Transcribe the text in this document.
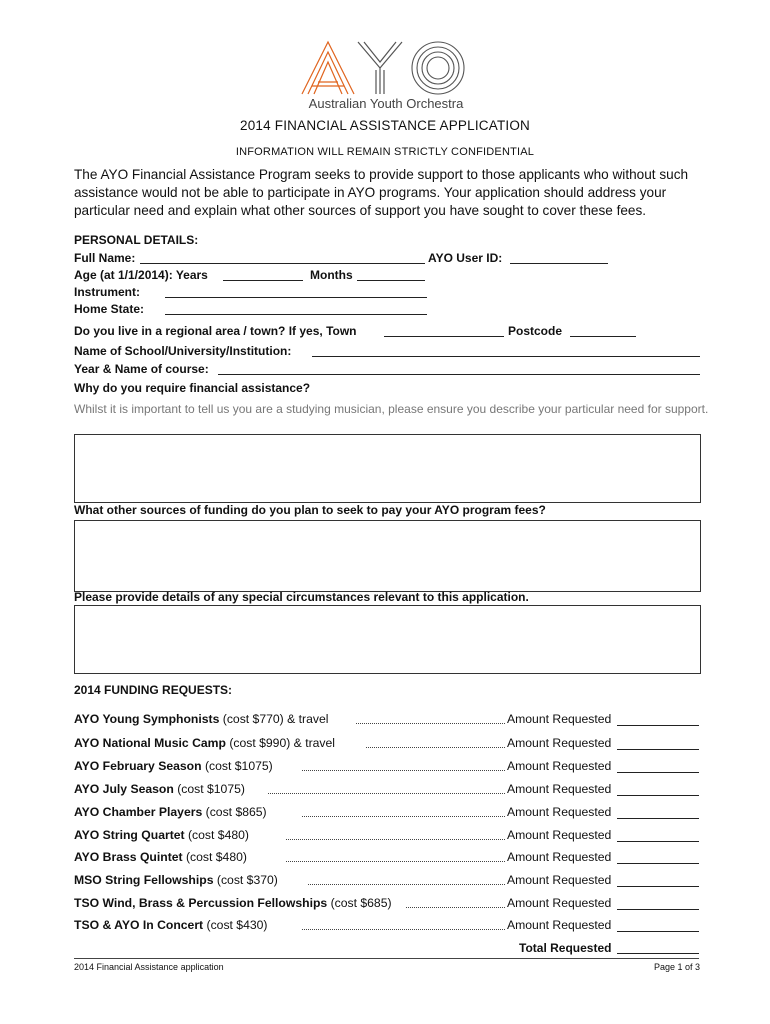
Australian Youth Orchestra
2014 FINANCIAL ASSISTANCE APPLICATION
INFORMATION WILL REMAIN STRICTLY CONFIDENTIAL
The AYO Financial Assistance Program seeks to provide support to those applicants who without such assistance would not be able to participate in AYO programs. Your application should address your particular need and explain what other sources of support you have sought to cover these fees.
PERSONAL DETAILS:
Full Name:	AYO User ID:
Age (at 1/1/2014): Years	Months
Instrument:
Home State:
Do you live in a regional area / town? If yes, Town	Postcode
Name of School/University/Institution:
Year & Name of course:
Why do you require financial assistance?
Whilst it is important to tell us you are a studying musician, please ensure you describe your particular need for support.
What other sources of funding do you plan to seek to pay your AYO program fees?
Please provide details of any special circumstances relevant to this application.
2014 FUNDING REQUESTS:
AYO Young Symphonists (cost $770) & travel	Amount Requested
AYO National Music Camp (cost $990) & travel	Amount Requested
AYO February Season (cost $1075)	Amount Requested
AYO July Season (cost $1075)	Amount Requested
AYO Chamber Players (cost $865)	Amount Requested
AYO String Quartet (cost $480)	Amount Requested
AYO Brass Quintet (cost $480)	Amount Requested
MSO String Fellowships (cost $370)	Amount Requested
TSO Wind, Brass & Percussion Fellowships (cost $685)	Amount Requested
TSO & AYO In Concert (cost $430)	Amount Requested
Total Requested
2014 Financial Assistance application	Page 1 of 3
